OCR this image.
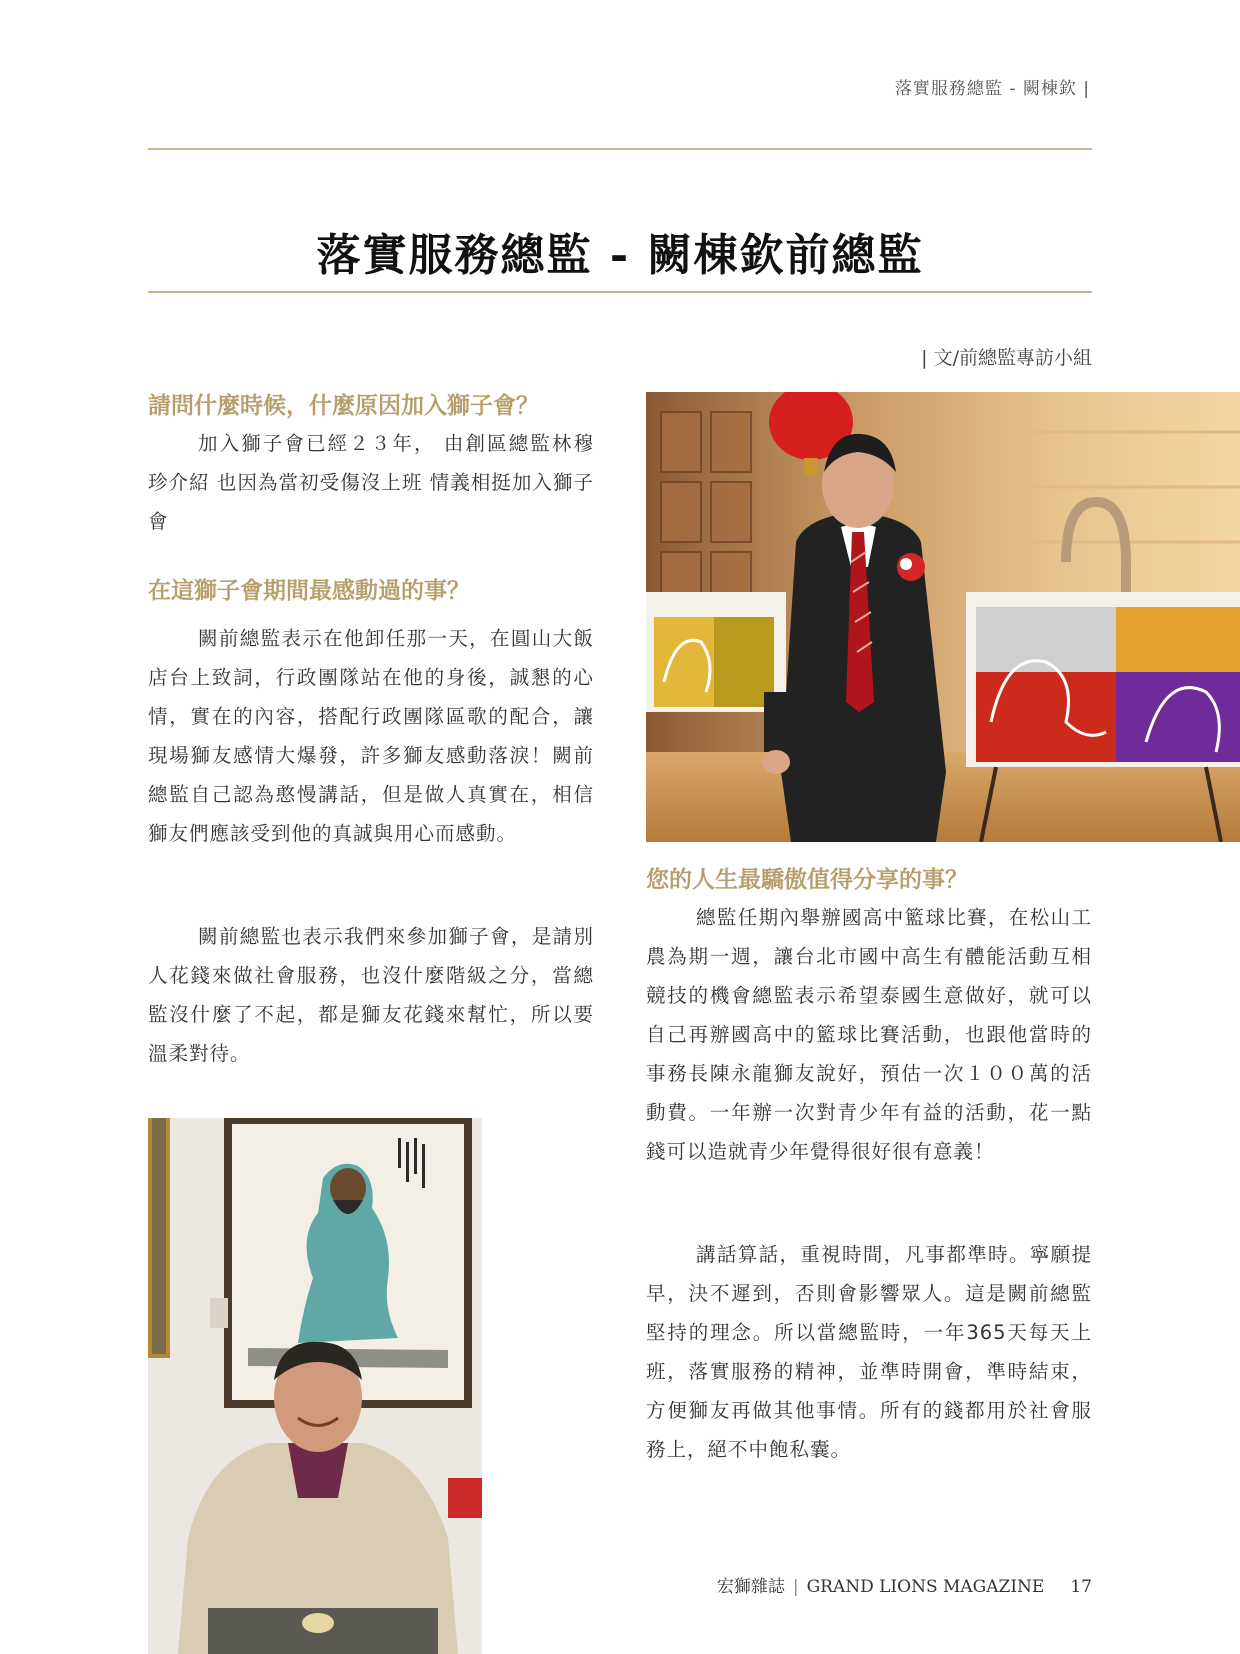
落實服務總監 - 闕棟欽 |
落實服務總監 - 闕棟欽前總監
| 文/前總監專訪小組

請問什麼時候，什麼原因加入獅子會？

加入獅子會已經２３年， 由創區總監林穆珍介紹 也因為當初受傷沒上班 情義相挺加入獅子會

在這獅子會期間最感動過的事？

闕前總監表示在他卸任那一天，在圓山大飯店台上致詞，行政團隊站在他的身後，誠懇的心情，實在的內容，搭配行政團隊區歌的配合，讓現場獅友感情大爆發，許多獅友感動落淚！闕前總監自己認為憨慢講話，但是做人真實在，相信獅友們應該受到他的真誠與用心而感動。

闕前總監也表示我們來參加獅子會，是請別人花錢來做社會服務，也沒什麼階級之分，當總監沒什麼了不起，都是獅友花錢來幫忙，所以要溫柔對待。

您的人生最驕傲值得分享的事？

總監任期內舉辦國高中籃球比賽，在松山工農為期一週，讓台北市國中高生有體能活動互相競技的機會總監表示希望泰國生意做好，就可以自己再辦國高中的籃球比賽活動，也跟他當時的事務長陳永龍獅友說好，預估一次１００萬的活動費。一年辦一次對青少年有益的活動，花一點錢可以造就青少年覺得很好很有意義！

講話算話，重視時間，凡事都準時。寧願提早，決不遲到，否則會影響眾人。這是闕前總監堅持的理念。所以當總監時，一年365天每天上班，落實服務的精神，並準時開會，準時結束，方便獅友再做其他事情。所有的錢都用於社會服務上，絕不中飽私囊。

宏獅雜誌 | GRAND LIONS MAGAZINE 17
